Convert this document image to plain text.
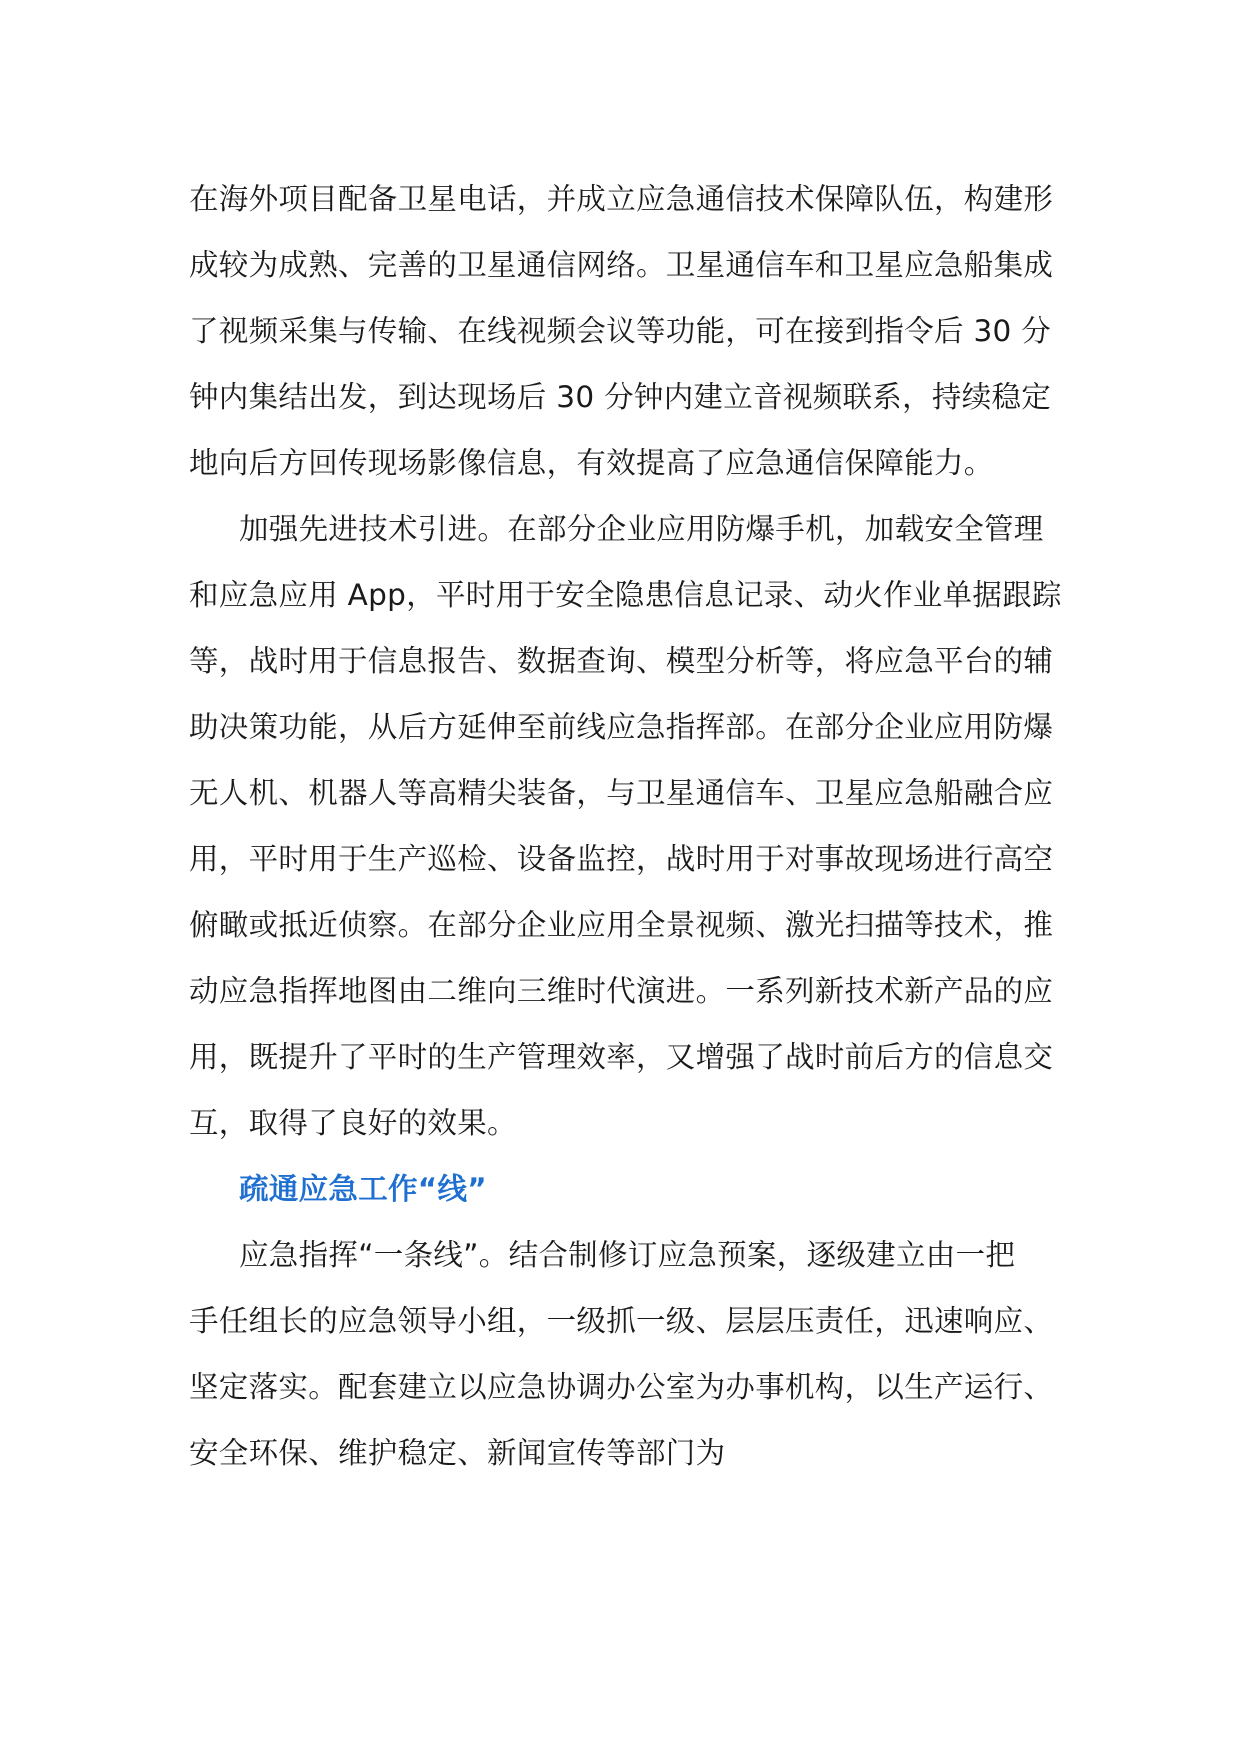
在海外项目配备卫星电话，并成立应急通信技术保障队伍，构建形
成较为成熟、完善的卫星通信网络。卫星通信车和卫星应急船集成
了视频采集与传输、在线视频会议等功能，可在接到指令后 30 分
钟内集结出发，到达现场后 30 分钟内建立音视频联系，持续稳定
地向后方回传现场影像信息，有效提高了应急通信保障能力。
加强先进技术引进。在部分企业应用防爆手机，加载安全管理
和应急应用 App，平时用于安全隐患信息记录、动火作业单据跟踪
等，战时用于信息报告、数据查询、模型分析等，将应急平台的辅
助决策功能，从后方延伸至前线应急指挥部。在部分企业应用防爆
无人机、机器人等高精尖装备，与卫星通信车、卫星应急船融合应
用，平时用于生产巡检、设备监控，战时用于对事故现场进行高空
俯瞰或抵近侦察。在部分企业应用全景视频、激光扫描等技术，推
动应急指挥地图由二维向三维时代演进。一系列新技术新产品的应
用，既提升了平时的生产管理效率，又增强了战时前后方的信息交
互，取得了良好的效果。
疏通应急工作“线”
应急指挥“一条线”。结合制修订应急预案，逐级建立由一把
手任组长的应急领导小组，一级抓一级、层层压责任，迅速响应、
坚定落实。配套建立以应急协调办公室为办事机构，以生产运行、
安全环保、维护稳定、新闻宣传等部门为
